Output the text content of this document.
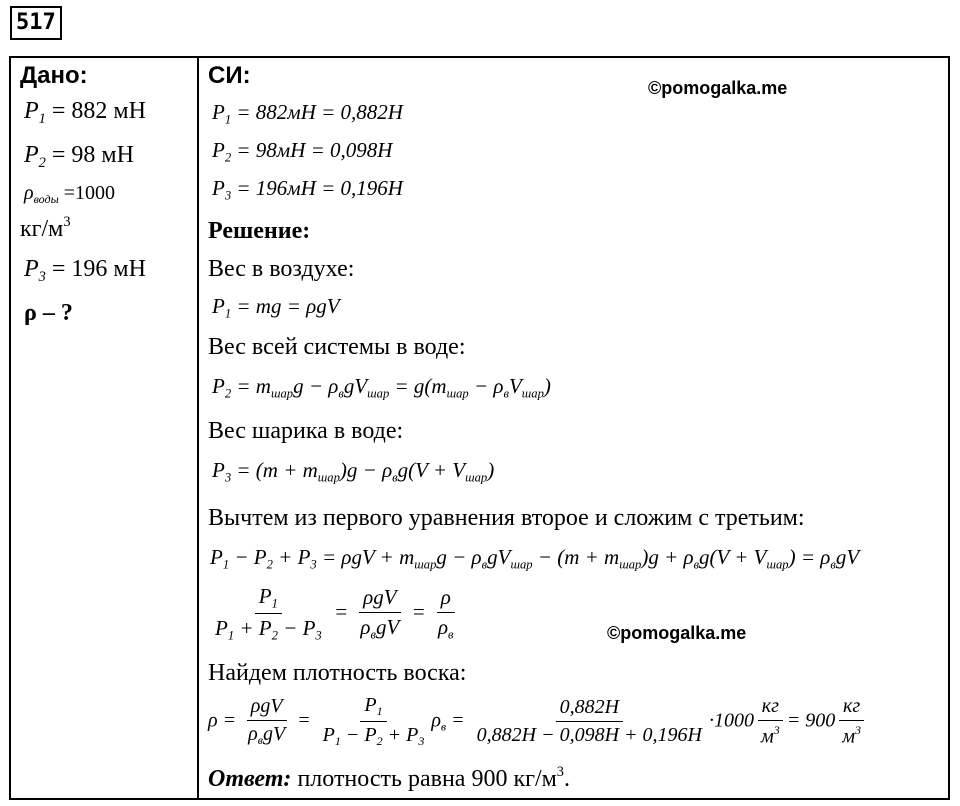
517
Дано:
$P_1 = 882$ мН
$P_2 = 98$ мН
$\rho_{воды} =1000$
$кг/м^3$
$P_3 = 196$ мН
ρ – ?
СИ:	©pomogalka.me
$P_1 = 882мН = 0,882Н$
$P_2 = 98мН = 0,098Н$
$P_3 = 196мН = 0,196Н$
Решение:
Вес в воздухе:
$P_1$ = mg = ρgV
Вес всей системы в воде:
$P_2 = m_{шар}g - \rho_вgV_{шар} = g(m_{шар} - \rho_вV_{шар})$
Вес шарика в воде:
$P_3 = (m + m_{шар})g - \rho_вg(V + V_{шар})$
Вычтем из первого уравнения второе и сложим с третьим:
$P_1 - P_2 + P_3 = \rho gV + m_{шар}g - \rho_вgV_{шар} - (m + m_{шар})g + \rho_вg(V + V_{шар}) = \rho_вgV$
$\frac{P_1}{P_1 + P_2 - P_3} = \frac{\text{ρgV}}{\rho_вgV} = \frac{\rho}{\rho_в}$	©pomogalka.me
Найдем плотность воска:
$\rho = \frac{\text{ρgV}}{\rho_вgV} = \frac{P_1}{P_1 - P_2 + P_3} \rho_в = \frac{0,882H}{0,882H - 0,098H + 0,196H} \cdot 1000 \frac{кг}{м^3} = 900 \frac{кг}{м^3}$
Ответ: плотность равна 900 $кг/м^3$.
